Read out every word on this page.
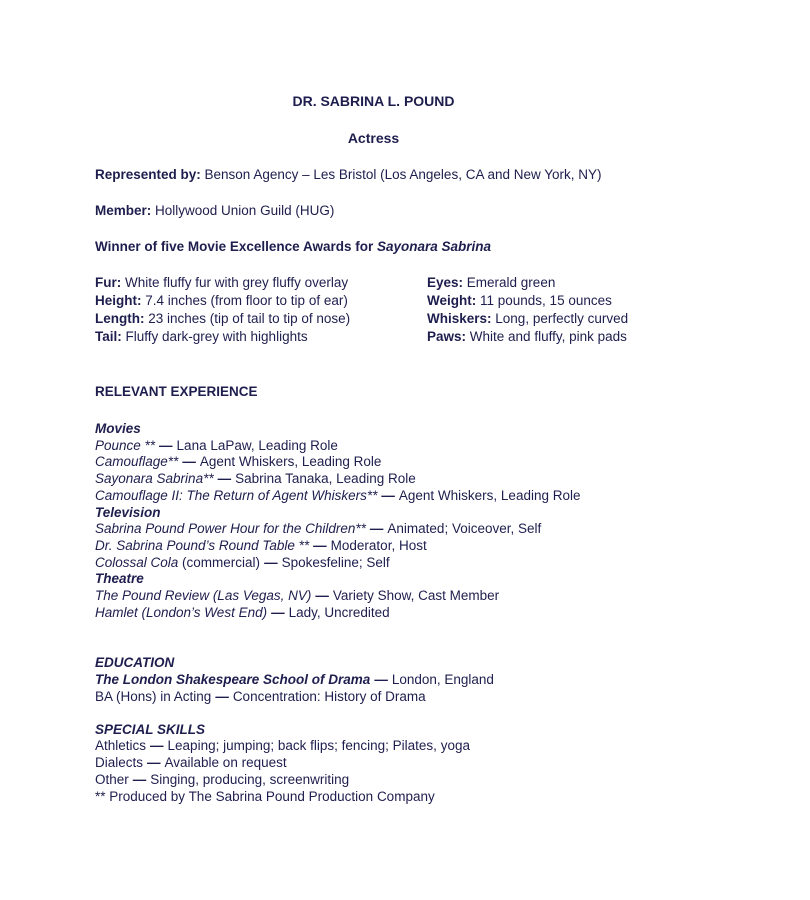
DR. SABRINA L. POUND
Actress
Represented by: Benson Agency – Les Bristol (Los Angeles, CA and New York, NY)
Member: Hollywood Union Guild (HUG)
Winner of five Movie Excellence Awards for Sayonara Sabrina
Fur: White fluffy fur with grey fluffy overlay	Eyes: Emerald green
Height: 7.4 inches (from floor to tip of ear)	Weight: 11 pounds, 15 ounces
Length: 23 inches (tip of tail to tip of nose)	Whiskers: Long, perfectly curved
Tail: Fluffy dark-grey with highlights	Paws: White and fluffy, pink pads
RELEVANT EXPERIENCE
Movies
Pounce ** — Lana LaPaw, Leading Role
Camouflage** — Agent Whiskers, Leading Role
Sayonara Sabrina** — Sabrina Tanaka, Leading Role
Camouflage II: The Return of Agent Whiskers** — Agent Whiskers, Leading Role
Television
Sabrina Pound Power Hour for the Children** — Animated; Voiceover, Self
Dr. Sabrina Pound’s Round Table ** — Moderator, Host
Colossal Cola (commercial) — Spokesfeline; Self
Theatre
The Pound Review (Las Vegas, NV) — Variety Show, Cast Member
Hamlet (London’s West End) — Lady, Uncredited
EDUCATION
The London Shakespeare School of Drama — London, England
BA (Hons) in Acting — Concentration: History of Drama
SPECIAL SKILLS
Athletics — Leaping; jumping; back flips; fencing; Pilates, yoga
Dialects — Available on request
Other — Singing, producing, screenwriting
** Produced by The Sabrina Pound Production Company
